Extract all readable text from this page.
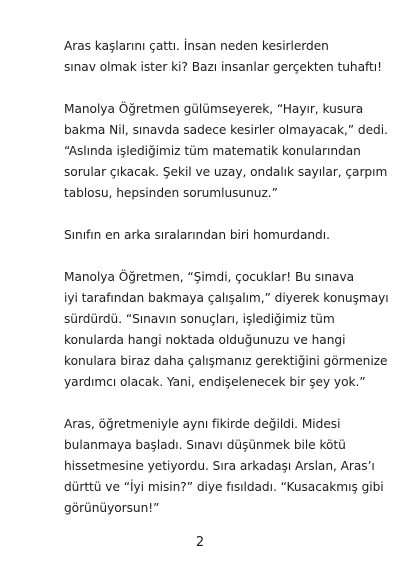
Aras kaşlarını çattı. İnsan neden kesirlerden
sınav olmak ister ki? Bazı insanlar gerçekten tuhaftı!

Manolya Öğretmen gülümseyerek, “Hayır, kusura
bakma Nil, sınavda sadece kesirler olmayacak,” dedi.
“Aslında işlediğimiz tüm matematik konularından
sorular çıkacak. Şekil ve uzay, ondalık sayılar, çarpım
tablosu, hepsinden sorumlusunuz.”

Sınıfın en arka sıralarından biri homurdandı.

Manolya Öğretmen, “Şimdi, çocuklar! Bu sınava
iyi tarafından bakmaya çalışalım,” diyerek konuşmayı
sürdürdü. “Sınavın sonuçları, işlediğimiz tüm
konularda hangi noktada olduğunuzu ve hangi
konulara biraz daha çalışmanız gerektiğini görmenize
yardımcı olacak. Yani, endişelenecek bir şey yok.”

Aras, öğretmeniyle aynı fikirde değildi. Midesi
bulanmaya başladı. Sınavı düşünmek bile kötü
hissetmesine yetiyordu. Sıra arkadaşı Arslan, Aras’ı
dürttü ve “İyi misin?” diye fısıldadı. “Kusacakmış gibi
görünüyorsun!”

2
